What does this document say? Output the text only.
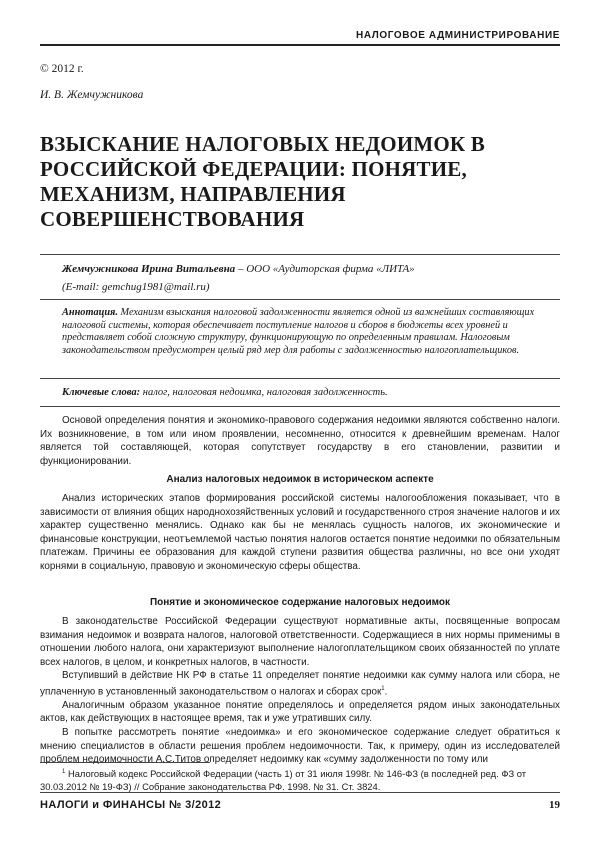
НАЛОГОВОЕ АДМИНИСТРИРОВАНИЕ
© 2012 г.
И. В. Жемчужникова
ВЗЫСКАНИЕ НАЛОГОВЫХ НЕДОИМОК В РОССИЙСКОЙ ФЕДЕРАЦИИ: ПОНЯТИЕ, МЕХАНИЗМ, НАПРАВЛЕНИЯ СОВЕРШЕНСТВОВАНИЯ
Жемчужникова Ирина Витальевна – ООО «Аудиторская фирма «ЛИТА»
(E-mail: gemchug1981@mail.ru)
Аннотация. Механизм взыскания налоговой задолженности является одной из важнейших составляющих налоговой системы, которая обеспечивает поступление налогов и сборов в бюджеты всех уровней и представляет собой сложную структуру, функционирующую по определенным правилам. Налоговым законодательством предусмотрен целый ряд мер для работы с задолженностью налогоплательщиков.
Ключевые слова: налог, налоговая недоимка, налоговая задолженность.

Основой определения понятия и экономико-правового содержания недоимки являются собственно налоги. Их возникновение, в том или ином проявлении, несомненно, относится к древнейшим временам. Налог является той составляющей, которая сопутствует государству в его становлении, развитии и функционировании.

Анализ налоговых недоимок в историческом аспекте

Анализ исторических этапов формирования российской системы налогообложения показывает, что в зависимости от влияния общих народнохозяйственных условий и государственного строя значение налогов и их характер существенно менялись. Однако как бы не менялась сущность налогов, их экономические и финансовые конструкции, неотъемлемой частью понятия налогов остается понятие недоимки по обязательным платежам. Причины ее образования для каждой ступени развития общества различны, но все они уходят корнями в социальную, правовую и экономическую сферы общества.

Понятие и экономическое содержание налоговых недоимок

В законодательстве Российской Федерации существуют нормативные акты, посвященные вопросам взимания недоимок и возврата налогов, налоговой ответственности. Содержащиеся в них нормы применимы в отношении любого налога, они характеризуют выполнение налогоплательщиком своих обязанностей по уплате всех налогов, в целом, и конкретных налогов, в частности.

Вступивший в действие НК РФ в статье 11 определяет понятие недоимки как сумму налога или сбора, не уплаченную в установленный законодательством о налогах и сборах срок$^1$.

Аналогичным образом указанное понятие определялось и определяется рядом иных законодательных актов, как действующих в настоящее время, так и уже утративших силу.

В попытке рассмотреть понятие «недоимка» и его экономическое содержание следует обратиться к мнению специалистов в области решения проблем недоимочности. Так, к примеру, один из исследователей проблем недоимочности А.С.Титов определяет недоимку как «сумму задолженности по тому или

$^1$ Налоговый кодекс Российской Федерации (часть 1) от 31 июля 1998г. № 146-ФЗ (в последней ред. ФЗ от 30.03.2012 № 19-ФЗ) // Собрание законодательства РФ. 1998. № 31. Ст. 3824.

НАЛОГИ и ФИНАНСЫ № 3/2012	19
